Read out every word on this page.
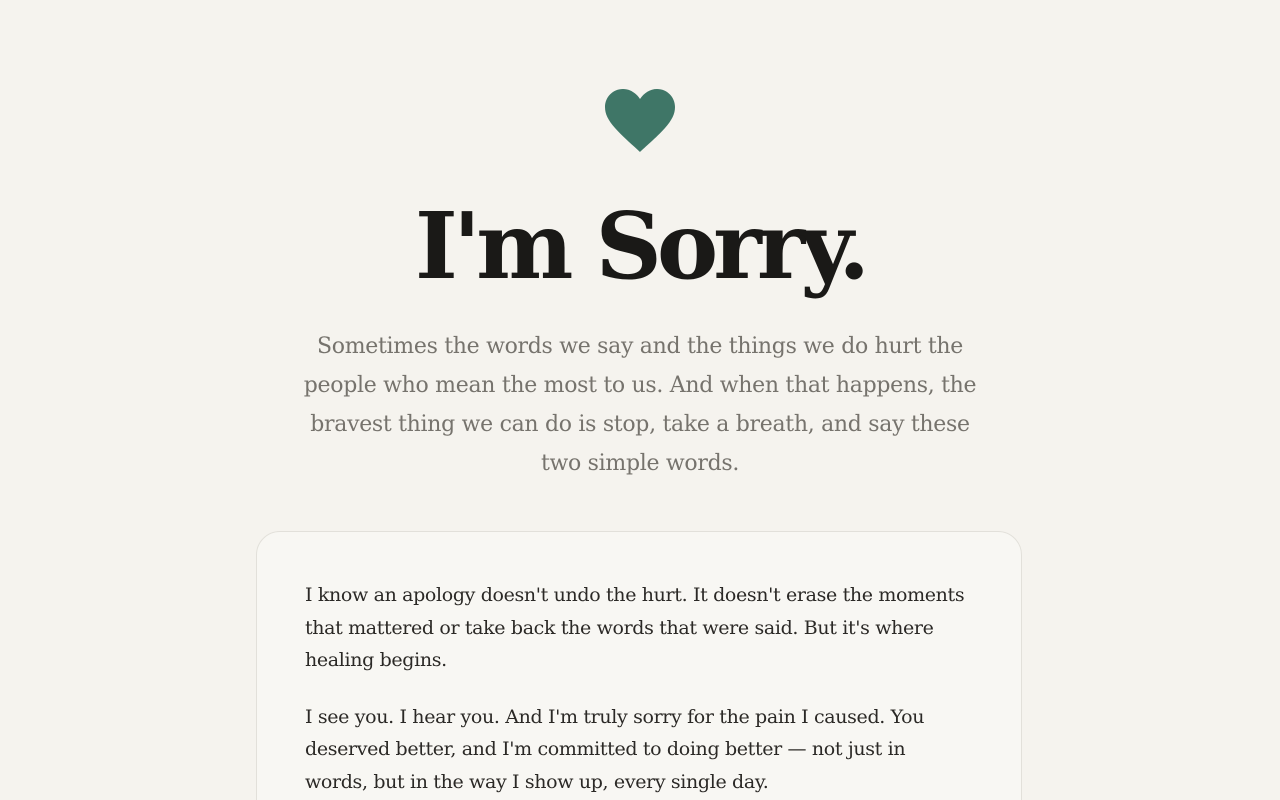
I'm Sorry.

Sometimes the words we say and the things we do hurt the people who mean the most to us. And when that happens, the bravest thing we can do is stop, take a breath, and say these two simple words.

I know an apology doesn't undo the hurt. It doesn't erase the moments that mattered or take back the words that were said. But it's where healing begins.

I see you. I hear you. And I'm truly sorry for the pain I caused. You deserved better, and I'm committed to doing better — not just in words, but in the way I show up, every single day.
